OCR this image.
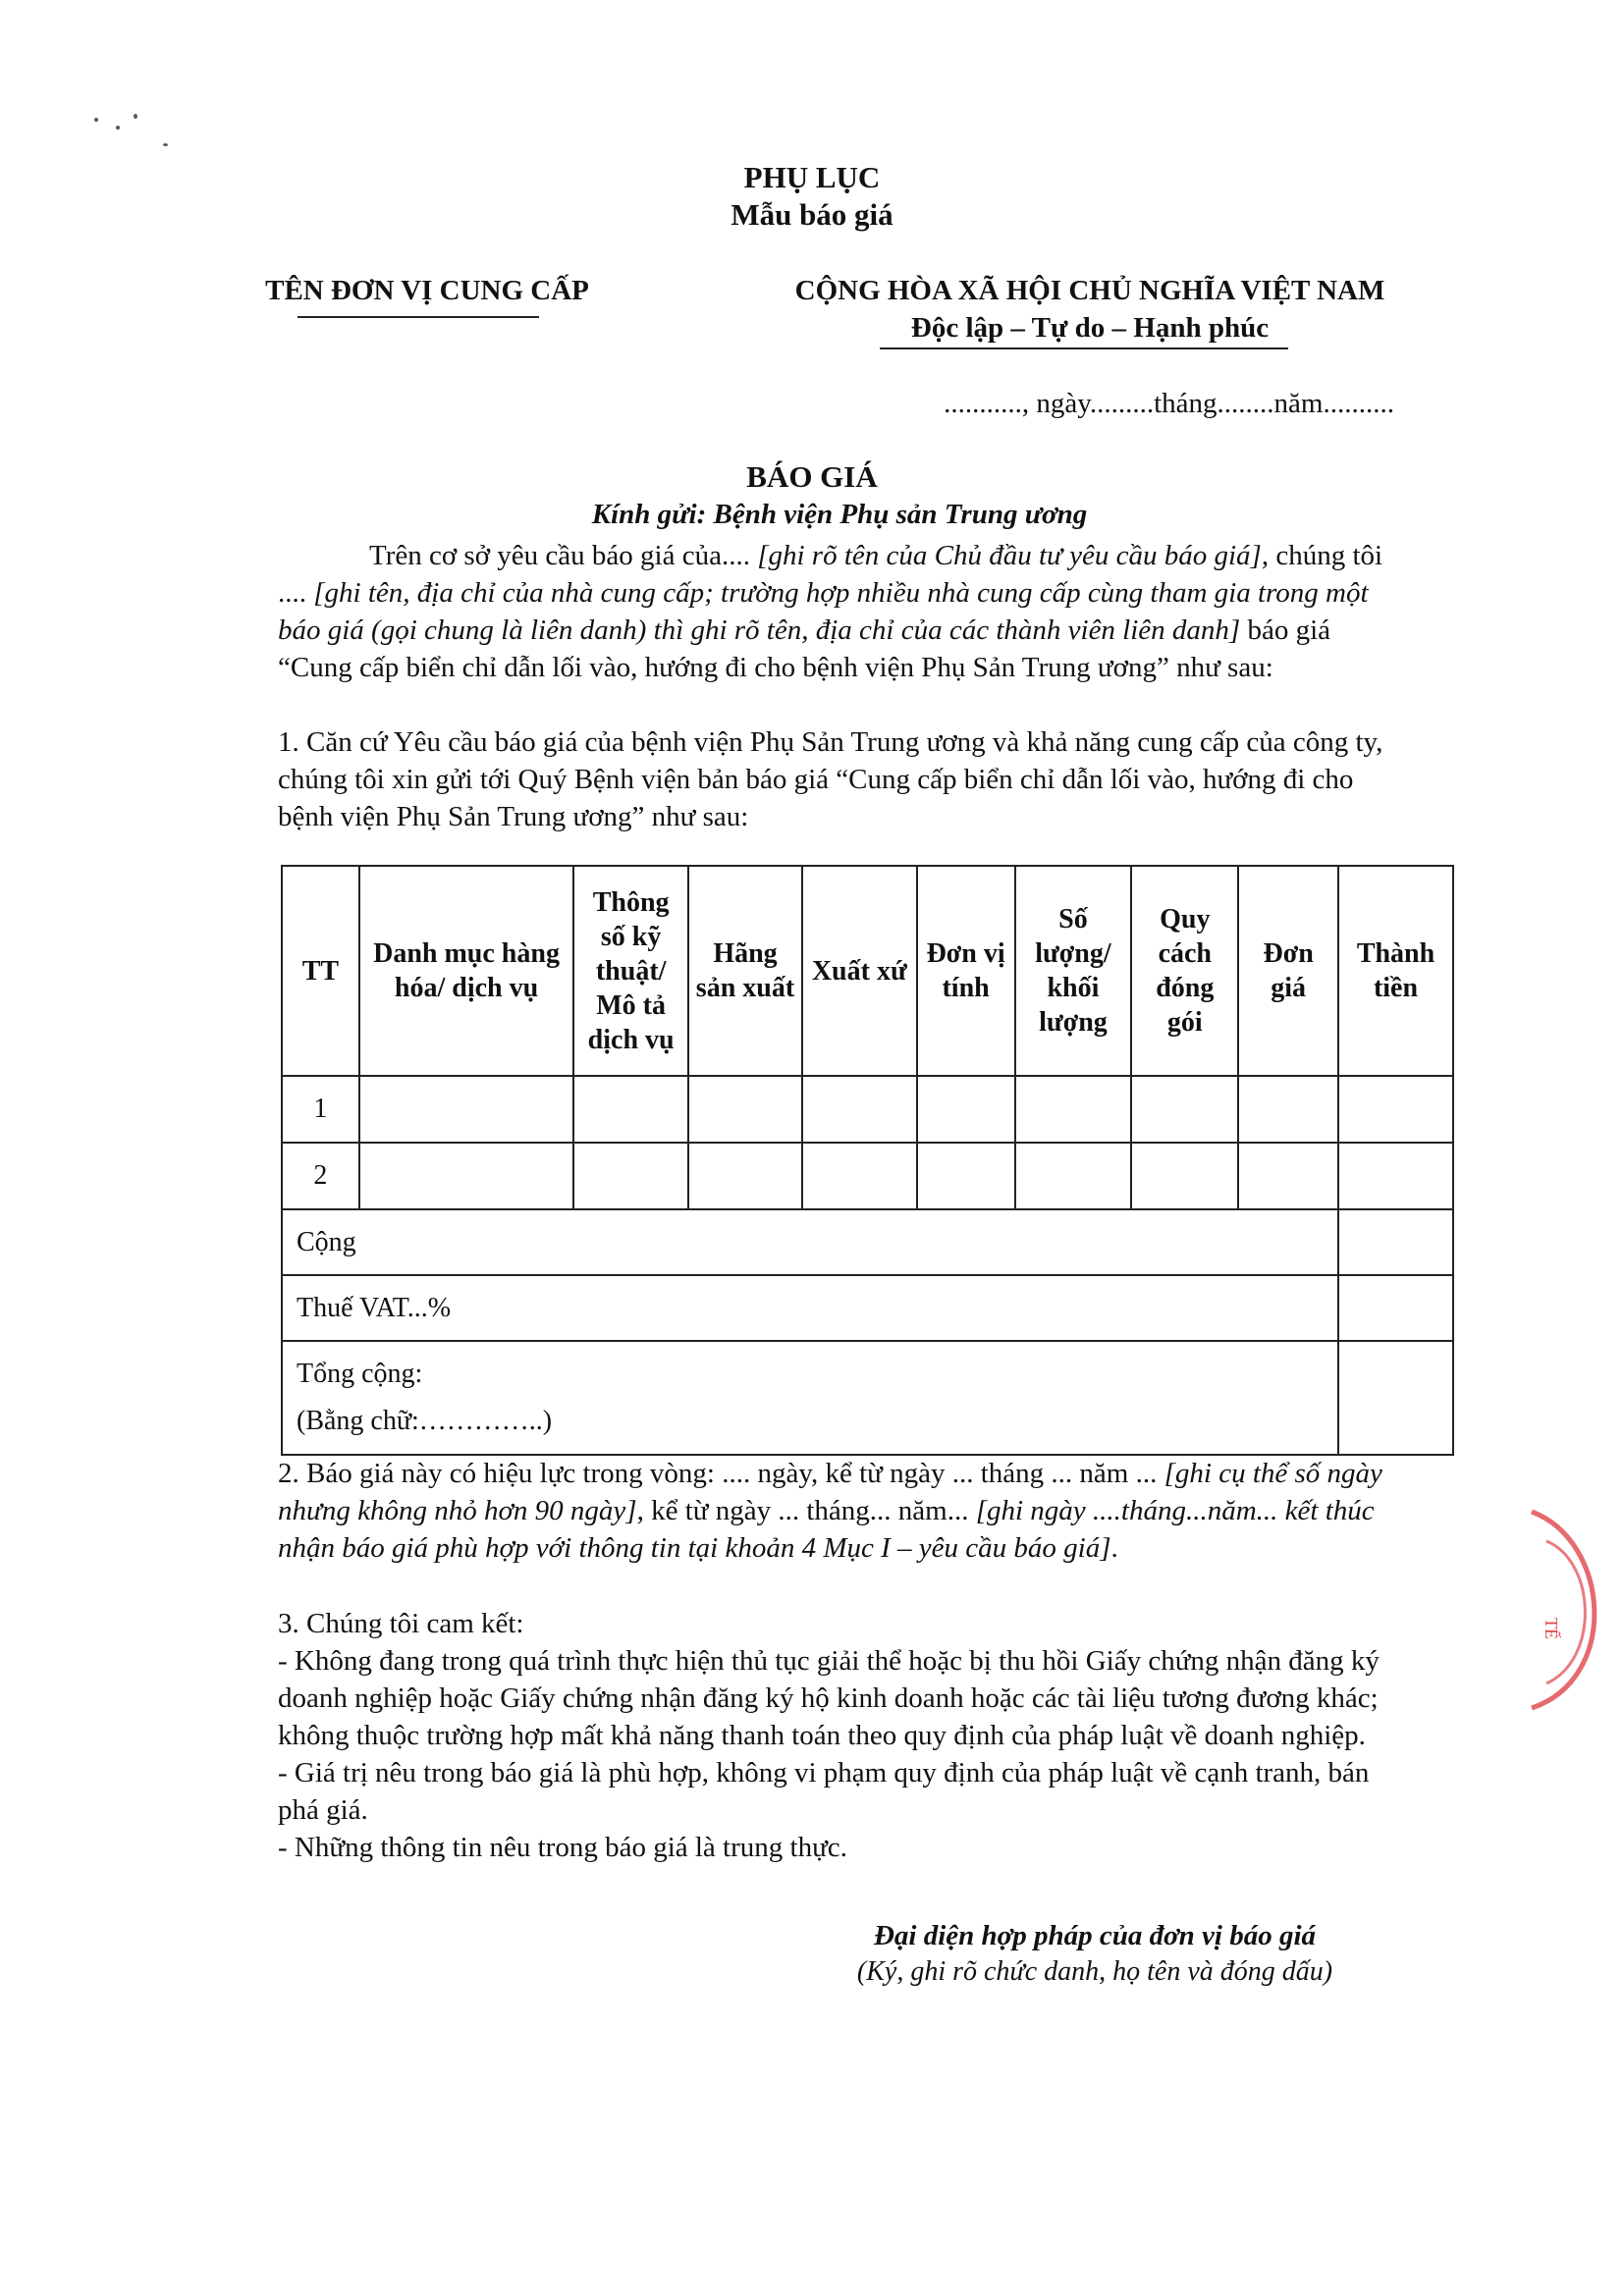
PHỤ LỤC
Mẫu báo giá
TÊN ĐƠN VỊ CUNG CẤP	CỘNG HÒA XÃ HỘI CHỦ NGHĨA VIỆT NAM
Độc lập – Tự do – Hạnh phúc
..........., ngày.........tháng........năm..........
BÁO GIÁ
Kính gửi: Bệnh viện Phụ sản Trung ương
Trên cơ sở yêu cầu báo giá của.... [ghi rõ tên của Chủ đầu tư yêu cầu báo giá], chúng tôi .... [ghi tên, địa chỉ của nhà cung cấp; trường hợp nhiều nhà cung cấp cùng tham gia trong một báo giá (gọi chung là liên danh) thì ghi rõ tên, địa chỉ của các thành viên liên danh] báo giá “Cung cấp biển chỉ dẫn lối vào, hướng đi cho bệnh viện Phụ Sản Trung ương” như sau:
1. Căn cứ Yêu cầu báo giá của bệnh viện Phụ Sản Trung ương và khả năng cung cấp của công ty, chúng tôi xin gửi tới Quý Bệnh viện bản báo giá “Cung cấp biển chỉ dẫn lối vào, hướng đi cho bệnh viện Phụ Sản Trung ương” như sau:
TT	Danh mục hàng hóa/ dịch vụ	Thông số kỹ thuật/ Mô tả dịch vụ	Hãng sản xuất	Xuất xứ	Đơn vị tính	Số lượng/ khối lượng	Quy cách đóng gói	Đơn giá	Thành tiền
1									
2									
Cộng									
Thuế VAT...%									

Tổng cộng:
(Bằng chữ:…………..)									

2. Báo giá này có hiệu lực trong vòng: .... ngày, kể từ ngày ... tháng ... năm ... [ghi cụ thể số ngày nhưng không nhỏ hơn 90 ngày], kể từ ngày ... tháng... năm... [ghi ngày ....tháng...năm... kết thúc nhận báo giá phù hợp với thông tin tại khoản 4 Mục I – yêu cầu báo giá].
3. Chúng tôi cam kết:
- Không đang trong quá trình thực hiện thủ tục giải thể hoặc bị thu hồi Giấy chứng nhận đăng ký doanh nghiệp hoặc Giấy chứng nhận đăng ký hộ kinh doanh hoặc các tài liệu tương đương khác; không thuộc trường hợp mất khả năng thanh toán theo quy định của pháp luật về doanh nghiệp.
- Giá trị nêu trong báo giá là phù hợp, không vi phạm quy định của pháp luật về cạnh tranh, bán phá giá.
- Những thông tin nêu trong báo giá là trung thực.
Đại diện hợp pháp của đơn vị báo giá
(Ký, ghi rõ chức danh, họ tên và đóng dấu)
TẾ
